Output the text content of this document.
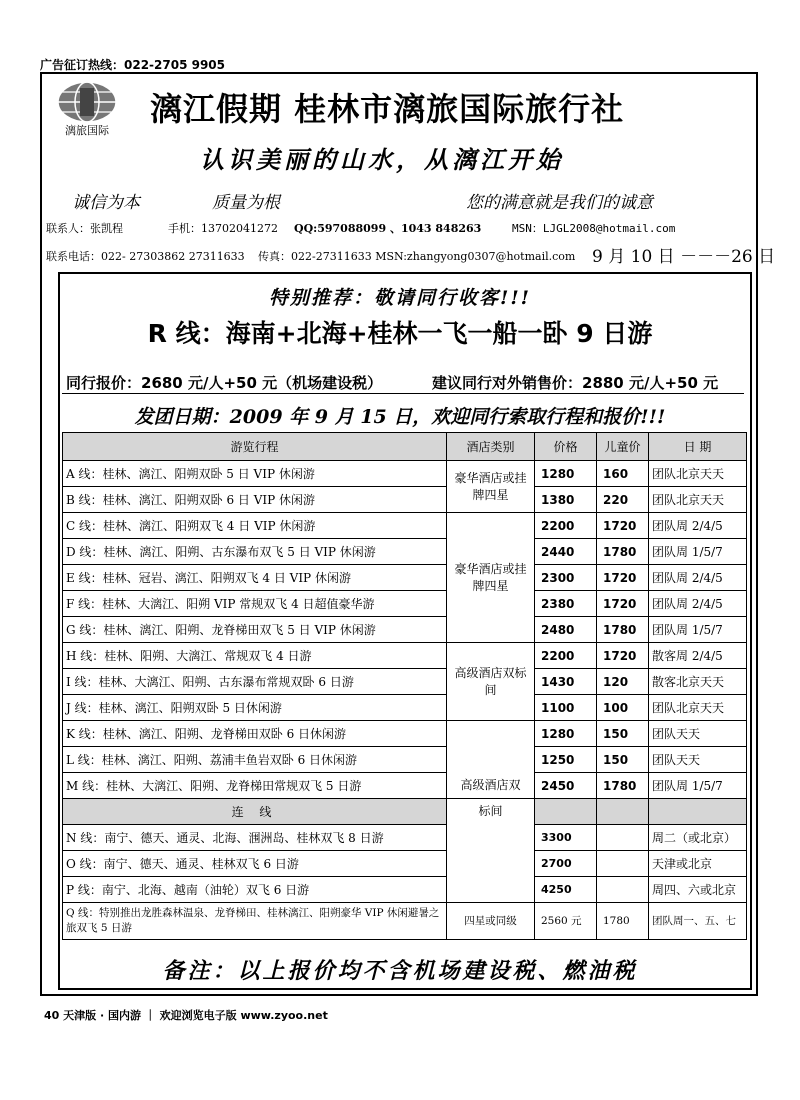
广告征订热线：022-2705 9905
漓旅国际
漓江假期 桂林市漓旅国际旅行社
认识美丽的山水，从漓江开始
诚信为本	质量为根	您的满意就是我们的诚意
联系人：张凯程	手机：13702041272 QQ:597088099 、1043 848263	MSN：LJGL2008@hotmail.com
联系电话：022- 27303862 27311633 传真：022-27311633 MSN:zhangyong0307@hotmail.com 9 月 10 日 －－－26 日
特别推荐：敬请同行收客!!!
R 线：海南+北海+桂林一飞一船一卧 9 日游
同行报价：2680 元/人+50 元（机场建设税）	建议同行对外销售价：2880 元/人+50 元
发团日期：2009 年 9 月 15 日，欢迎同行索取行程和报价!!!
游览行程	酒店类别	价格	儿童价	日 期
A 线：桂林、漓江、阳朔双卧 5 日 VIP 休闲游	豪华酒店或挂牌四星	1280	160	团队北京天天
B 线：桂林、漓江、阳朔双卧 6 日 VIP 休闲游		1380	220	团队北京天天
C 线：桂林、漓江、阳朔双飞 4 日 VIP 休闲游	豪华酒店或挂牌四星	2200	1720	团队周 2/4/5
D 线：桂林、漓江、阳朔、古东瀑布双飞 5 日 VIP 休闲游		2440	1780	团队周 1/5/7
E 线：桂林、冠岩、漓江、阳朔双飞 4 日 VIP 休闲游		2300	1720	团队周 2/4/5
F 线：桂林、大漓江、阳朔 VIP 常规双飞 4 日超值豪华游		2380	1720	团队周 2/4/5
G 线：桂林、漓江、阳朔、龙脊梯田双飞 5 日 VIP 休闲游		2480	1780	团队周 1/5/7
H 线：桂林、阳朔、大漓江、常规双飞 4 日游	高级酒店双标间	2200	1720	散客周 2/4/5
I 线：桂林、大漓江、阳朔、古东瀑布常规双卧 6 日游		1430	120	散客北京天天
J 线：桂林、漓江、阳朔双卧 5 日休闲游		1100	100	团队北京天天
K 线：桂林、漓江、阳朔、龙脊梯田双卧 6 日休闲游	高级酒店双	1280	150	团队天天
L 线：桂林、漓江、阳朔、荔浦丰鱼岩双卧 6 日休闲游		1250	150	团队天天
M 线：桂林、大漓江、阳朔、龙脊梯田常规双飞 5 日游		2450	1780	团队周 1/5/7
连 线	标间			
N 线：南宁、德天、通灵、北海、涠洲岛、桂林双飞 8 日游		3300		周二（或北京）
O 线：南宁、德天、通灵、桂林双飞 6 日游		2700		天津或北京
P 线：南宁、北海、越南（油轮）双飞 6 日游		4250		周四、六或北京
Q 线：特别推出龙胜森林温泉、龙脊梯田、桂林漓江、阳朔豪华 VIP 休闲避暑之旅双飞 5 日游	四星或同级	2560 元	1780	团队周一、五、七
备注：以上报价均不含机场建设税、燃油税
40 天津版 · 国内游 ｜ 欢迎浏览电子版 www.zyoo.net
